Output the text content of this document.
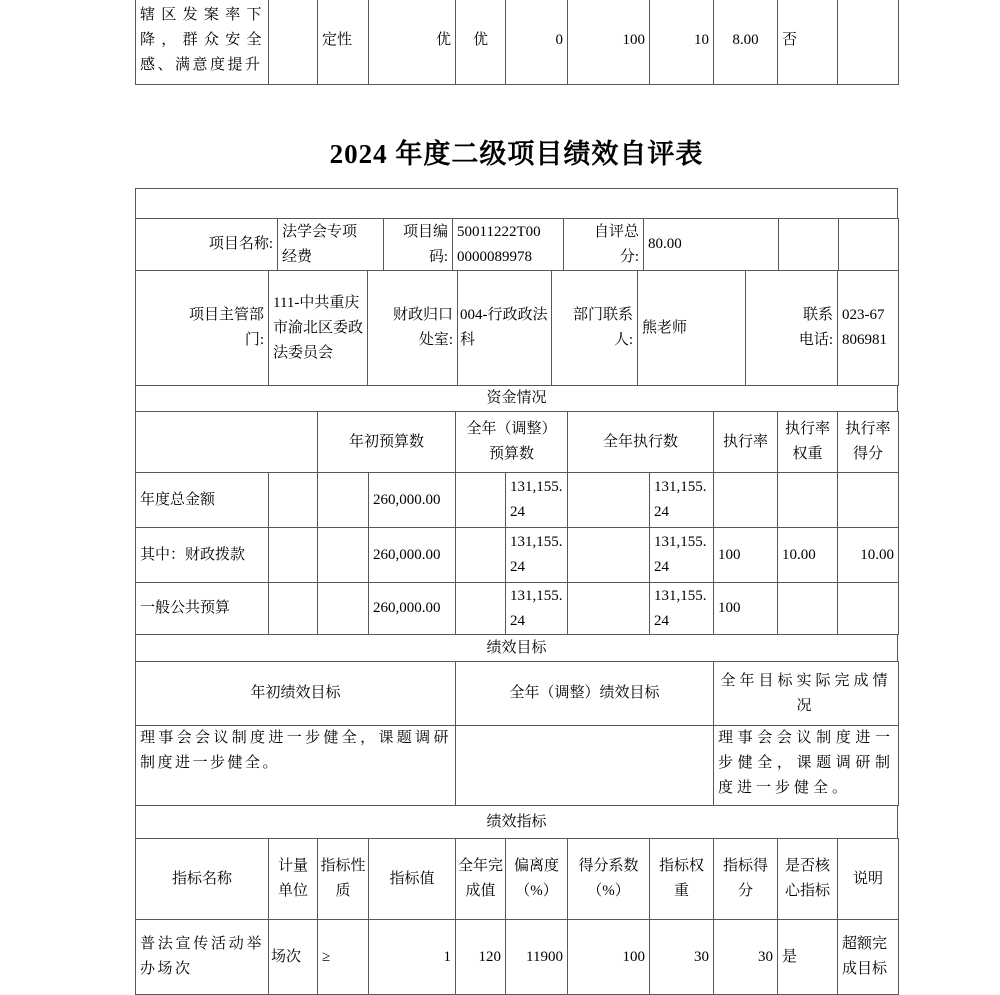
辖区发案率下降，群众安全感、满意度提升		定性	优	优	0	100	10	8.00	否	
2024 年度二级项目绩效自评表
项目名称:	法学会专项经费	项目编码:	50011222T000000089978	自评总分:	80.00		
项目主管部门:	111-中共重庆市渝北区委政法委员会	财政归口处室:	004-行政政法科	部门联系人:	熊老师	联系电话:	023-67806981
资金情况
		年初预算数		全年（调整）预算数		全年执行数		执行率	执行率权重	执行率得分
年度总金额			260,000.00		131,155.24		131,155.24			
其中：财政拨款			260,000.00		131,155.24		131,155.24	100	10.00	10.00
一般公共预算			260,000.00		131,155.24		131,155.24	100		
绩效目标
年初绩效目标	全年（调整）绩效目标	全年目标实际完成情况
理事会会议制度进一步健全，课题调研制度进一步健全。		理事会会议制度进一步健全，课题调研制度进一步健全。
绩效指标
指标名称	计量单位	指标性质	指标值	全年完成值	偏离度（%）	得分系数（%）	指标权重	指标得分	是否核心指标	说明
普法宣传活动举办场次	场次	≥	1	120	11900	100	30	30	是	超额完成目标
